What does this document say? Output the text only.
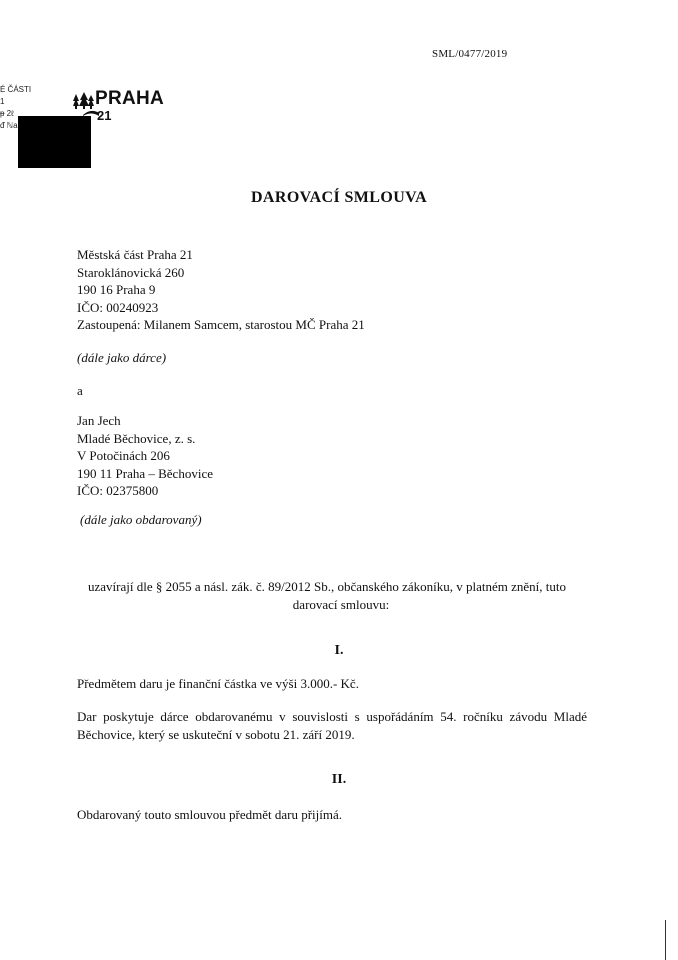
SML/0477/2019
É ČÁSTI
1
ᵽ 2ℓ
ᵭ ℕa
PRAHA
21
DAROVACÍ SMLOUVA
Městská část Praha 21
Staroklánovická 260
190 16 Praha 9
IČO: 00240923
Zastoupená: Milanem Samcem, starostou MČ Praha 21
(dále jako dárce)
a
Jan Jech
Mladé Běchovice, z. s.
V Potočinách 206
190 11 Praha – Běchovice
IČO: 02375800
(dále jako obdarovaný)
uzavírají dle § 2055 a násl. zák. č. 89/2012 Sb., občanského zákoníku, v platném znění, tuto
darovací smlouvu:
I.
Předmětem daru je finanční částka ve výši 3.000.- Kč.
Dar poskytuje dárce obdarovanému v souvislosti s uspořádáním 54. ročníku závodu Mladé Běchovice, který se uskuteční v sobotu 21. září 2019.
II.
Obdarovaný touto smlouvou předmět daru přijímá.
